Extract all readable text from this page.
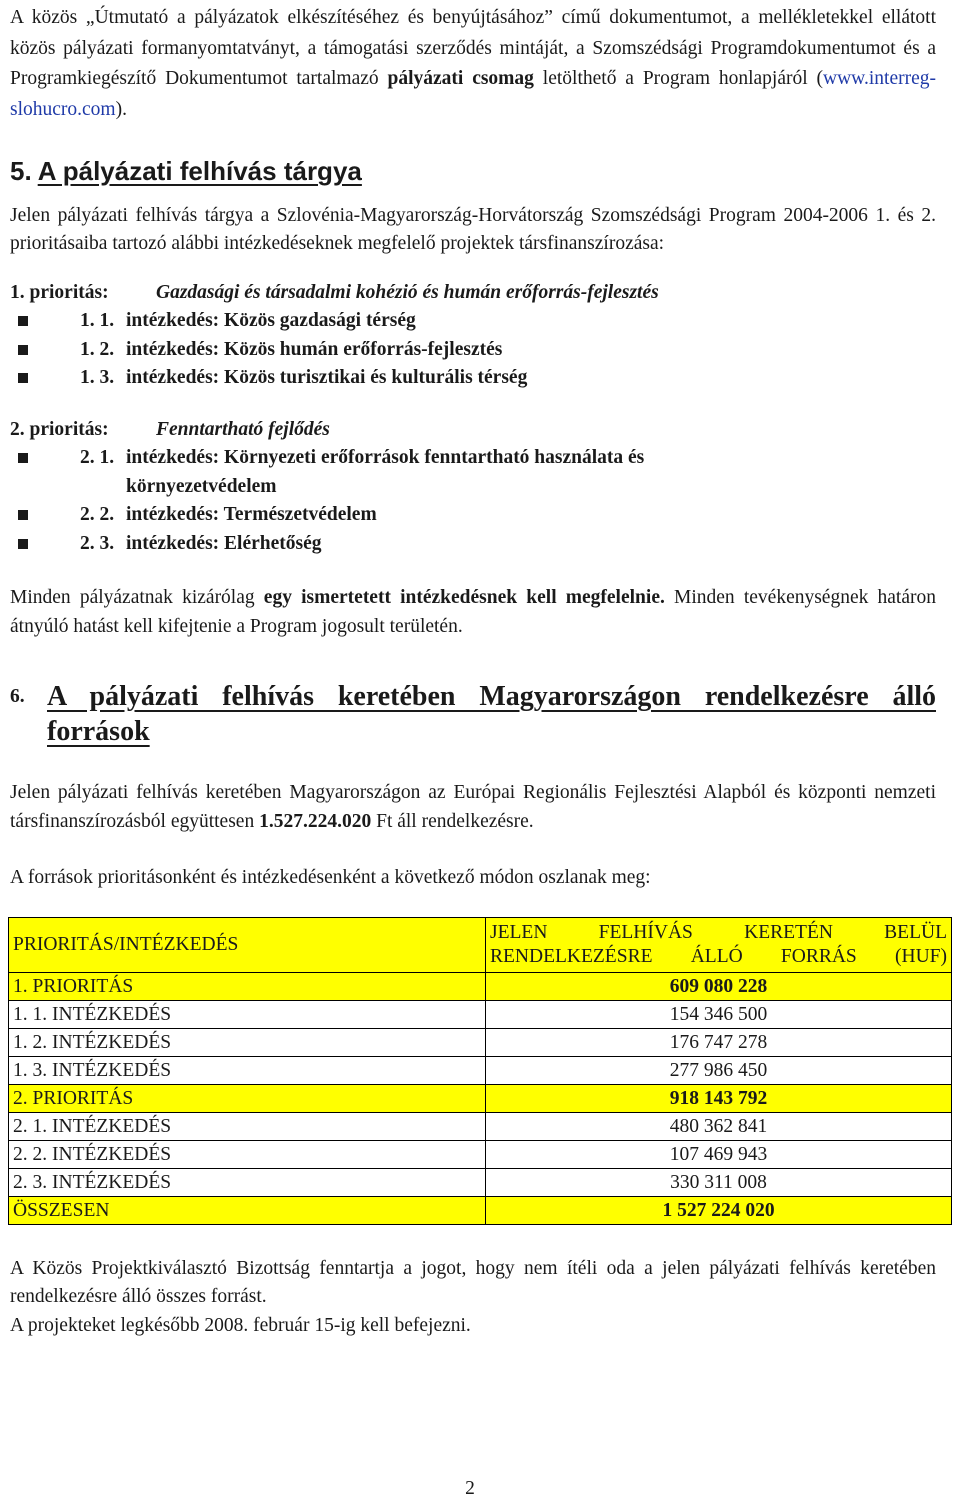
A közös „Útmutató a pályázatok elkészítéséhez és benyújtásához” című dokumentumot, a mellékletekkel ellátott közös pályázati formanyomtatványt, a támogatási szerződés mintáját, a Szomszédsági Programdokumentumot és a Programkiegészítő Dokumentumot tartalmazó pályázati csomag letölthető a Program honlapjáról (www.interreg-slohucro.com).

5. A pályázati felhívás tárgya

Jelen pályázati felhívás tárgya a Szlovénia-Magyarország-Horvátország Szomszédsági Program 2004-2006 1. és 2. prioritásaiba tartozó alábbi intézkedéseknek megfelelő projektek társfinanszírozása:

1. prioritás:	Gazdasági és társadalmi kohézió és humán erőforrás-fejlesztés

1. 1. intézkedés: Közös gazdasági térség
1. 2. intézkedés: Közös humán erőforrás-fejlesztés
1. 3. intézkedés: Közös turisztikai és kulturális térség

2. prioritás:	Fenntartható fejlődés

2. 1. intézkedés: Környezeti erőforrások fenntartható használata és környezetvédelem
2. 2. intézkedés: Természetvédelem
2. 3. intézkedés: Elérhetőség

Minden pályázatnak kizárólag egy ismertetett intézkedésnek kell megfelelnie. Minden tevékenységnek határon átnyúló hatást kell kifejtenie a Program jogosult területén.

6. A pályázati felhívás keretében Magyarországon rendelkezésre álló források

Jelen pályázati felhívás keretében Magyarországon az Európai Regionális Fejlesztési Alapból és központi nemzeti társfinanszírozásból együttesen 1.527.224.020 Ft áll rendelkezésre.

A források prioritásonként és intézkedésenként a következő módon oszlanak meg:

PRIORITÁS/INTÉZKEDÉS	JELEN FELHÍVÁS KERETÉN BELÜL
RENDELKEZÉSRE ÁLLÓ FORRÁS (HUF)

1. PRIORITÁS	609 080 228
1. 1. INTÉZKEDÉS	154 346 500
1. 2. INTÉZKEDÉS	176 747 278
1. 3. INTÉZKEDÉS	277 986 450
2. PRIORITÁS	918 143 792
2. 1. INTÉZKEDÉS	480 362 841
2. 2. INTÉZKEDÉS	107 469 943
2. 3. INTÉZKEDÉS	330 311 008
ÖSSZESEN	1 527 224 020

A Közös Projektkiválasztó Bizottság fenntartja a jogot, hogy nem ítéli oda a jelen pályázati felhívás keretében rendelkezésre álló összes forrást.

A projekteket legkésőbb 2008. február 15-ig kell befejezni.

2
